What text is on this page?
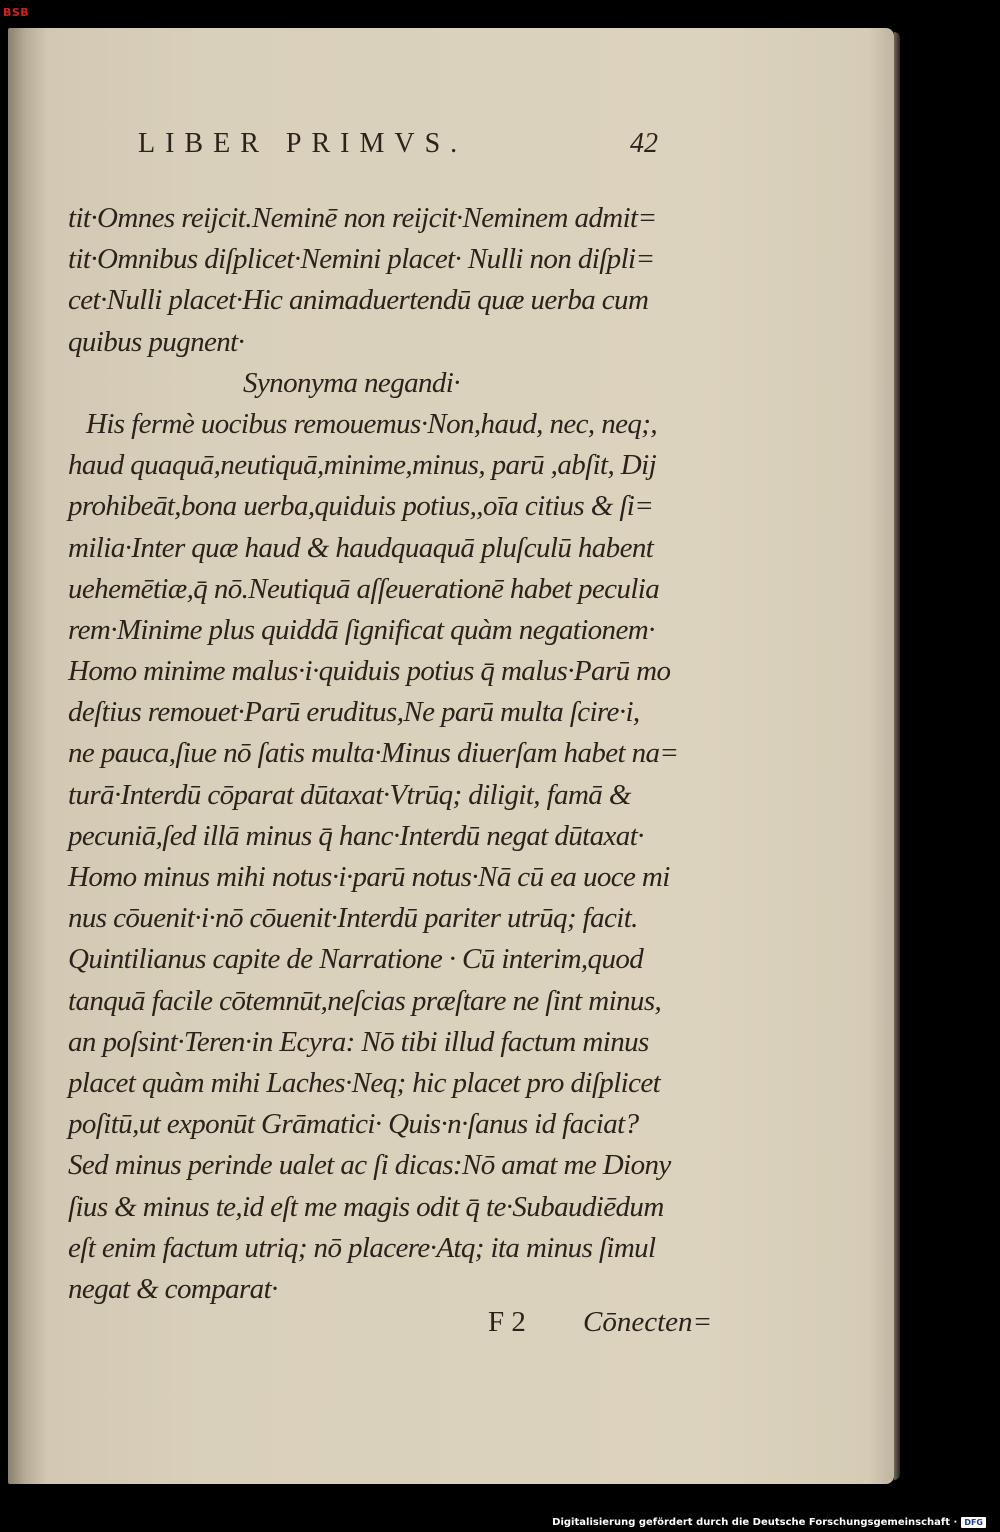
BSB
LIBER PRIMVS.	42
tit·Omnes reijcit.Neminē non reijcit·Neminem admit=
tit·Omnibus diſplicet·Nemini placet· Nulli non diſpli=
cet·Nulli placet·Hic animaduertendū quæ uerba cum
quibus pugnent·
Synonyma negandi·
His fermè uocibus remouemus·Non,haud, nec, neq;,
haud quaquā,neutiquā,minime,minus, parū ,abſit, Dij
prohibeāt,bona uerba,quiduis potius,,oīa citius & ſi=
milia·Inter quæ haud & haudquaquā pluſculū habent
uehemētiæ,q̄ nō.Neutiquā aſſeuerationē habet peculia
rem·Minime plus quiddā ſignificat quàm negationem·
Homo minime malus·i·quiduis potius q̄ malus·Parū mo
deſtius remouet·Parū eruditus,Ne parū multa ſcire·i,
ne pauca,ſiue nō ſatis multa·Minus diuerſam habet na=
turā·Interdū cōparat dūtaxat·Vtrūq; diligit, famā &
pecuniā,ſed illā minus q̄ hanc·Interdū negat dūtaxat·
Homo minus mihi notus·i·parū notus·Nā cū ea uoce mi
nus cōuenit·i·nō cōuenit·Interdū pariter utrūq; facit.
Quintilianus capite de Narratione · Cū interim,quod
tanquā facile cōtemnūt,neſcias præſtare ne ſint minus,
an poſsint·Teren·in Ecyra: Nō tibi illud factum minus
placet quàm mihi Laches·Neq; hic placet pro diſplicet
poſitū,ut exponūt Grāmatici· Quis·n·ſanus id faciat?
Sed minus perinde ualet ac ſi dicas:Nō amat me Diony
ſius & minus te,id eſt me magis odit q̄ te·Subaudiēdum
eſt enim factum utriq; nō placere·Atq; ita minus ſimul
negat & comparat·
F 2 Cōnecten=
Digitalisierung gefördert durch die Deutsche Forschungsgemeinschaft · DFG
